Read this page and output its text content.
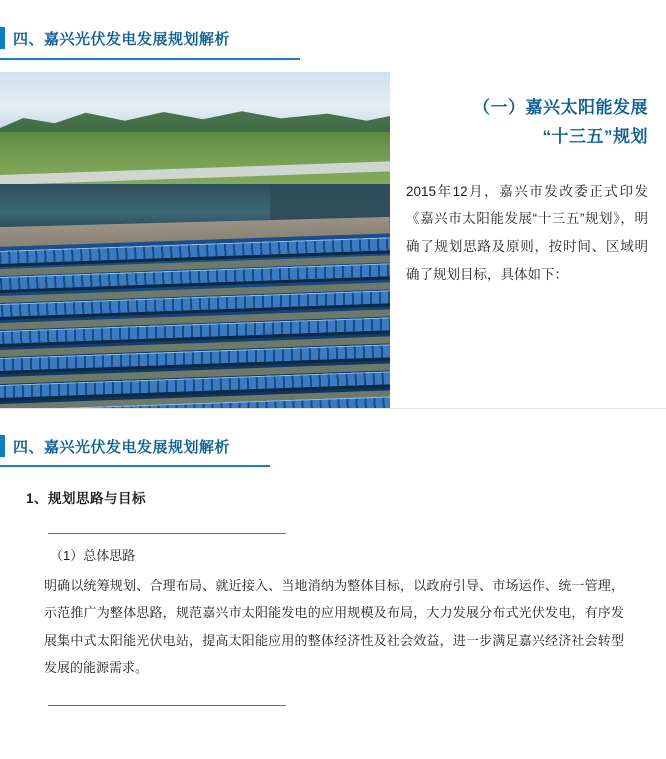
四、嘉兴光伏发电发展规划解析
（一）嘉兴太阳能发展
“十三五”规划
2015年12月，嘉兴市发改委正式印发《嘉兴市太阳能发展“十三五”规划》，明确了规划思路及原则，按时间、区域明确了规划目标，具体如下：
四、嘉兴光伏发电发展规划解析
1、规划思路与目标
（1）总体思路
明确以统筹规划、合理布局、就近接入、当地消纳为整体目标，以政府引导、市场运作、统一管理，示范推广为整体思路，规范嘉兴市太阳能发电的应用规模及布局，大力发展分布式光伏发电，有序发展集中式太阳能光伏电站，提高太阳能应用的整体经济性及社会效益，进一步满足嘉兴经济社会转型发展的能源需求。
